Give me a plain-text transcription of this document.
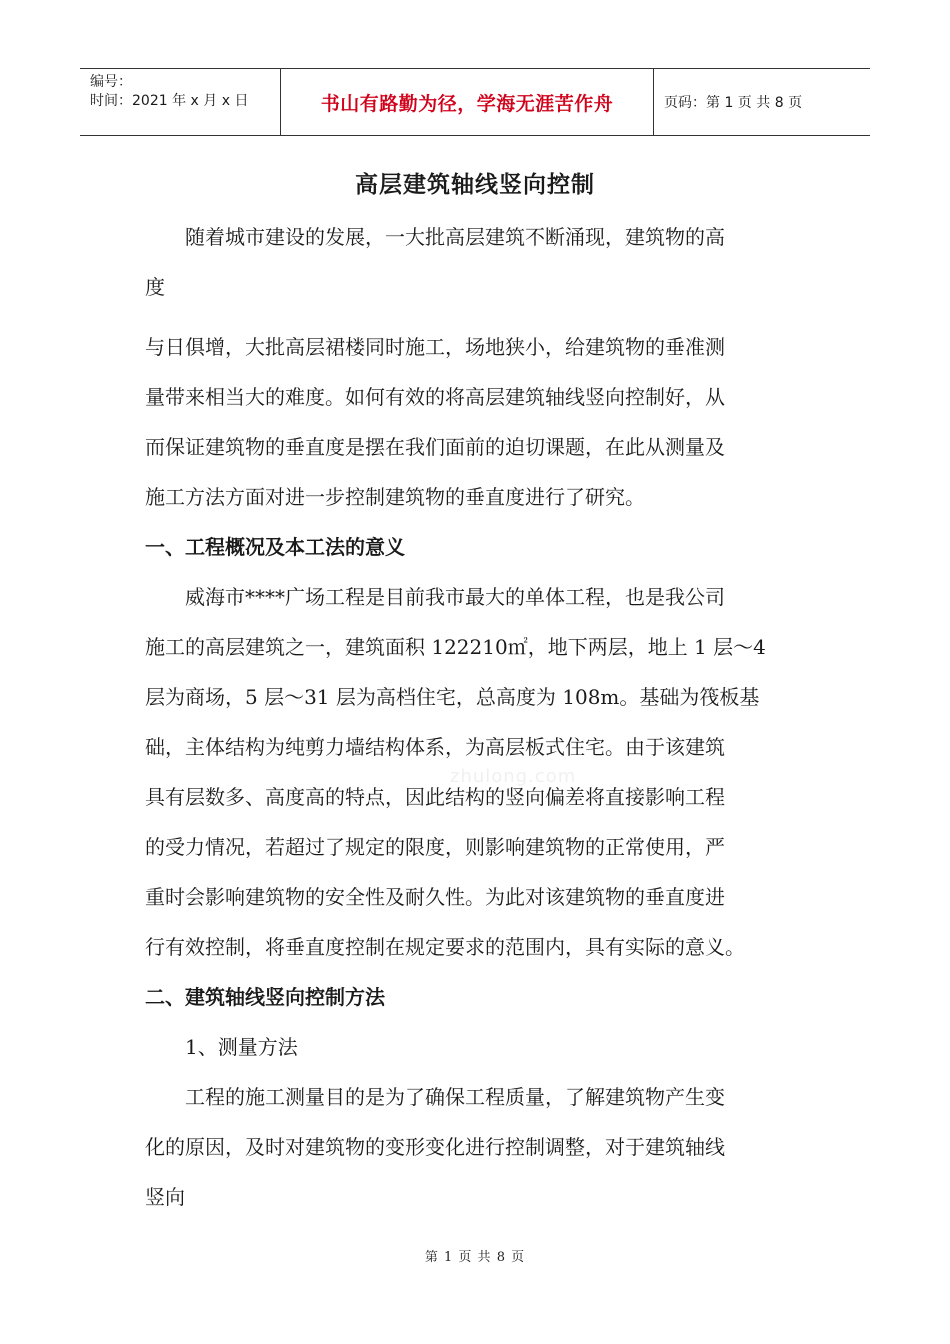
编号：
时间：2021 年 x 月 x 日	书山有路勤为径，学海无涯苦作舟	页码：第 1 页 共 8 页
高层建筑轴线竖向控制
zhulong.com
　　随着城市建设的发展，一大批高层建筑不断涌现，建筑物的高
度
与日俱增，大批高层裙楼同时施工，场地狭小，给建筑物的垂准测
量带来相当大的难度。如何有效的将高层建筑轴线竖向控制好，从
而保证建筑物的垂直度是摆在我们面前的迫切课题，在此从测量及
施工方法方面对进一步控制建筑物的垂直度进行了研究。
一、工程概况及本工法的意义
　　威海市****广场工程是目前我市最大的单体工程，也是我公司
施工的高层建筑之一，建筑面积 122210㎡，地下两层，地上 1 层～4
层为商场，5 层～31 层为高档住宅，总高度为 108m。基础为筏板基
础，主体结构为纯剪力墙结构体系，为高层板式住宅。由于该建筑
具有层数多、高度高的特点，因此结构的竖向偏差将直接影响工程
的受力情况，若超过了规定的限度，则影响建筑物的正常使用，严
重时会影响建筑物的安全性及耐久性。为此对该建筑物的垂直度进
行有效控制，将垂直度控制在规定要求的范围内，具有实际的意义。
二、建筑轴线竖向控制方法
　　1、测量方法
　　工程的施工测量目的是为了确保工程质量，了解建筑物产生变
化的原因，及时对建筑物的变形变化进行控制调整，对于建筑轴线
竖向
第 1 页 共 8 页
